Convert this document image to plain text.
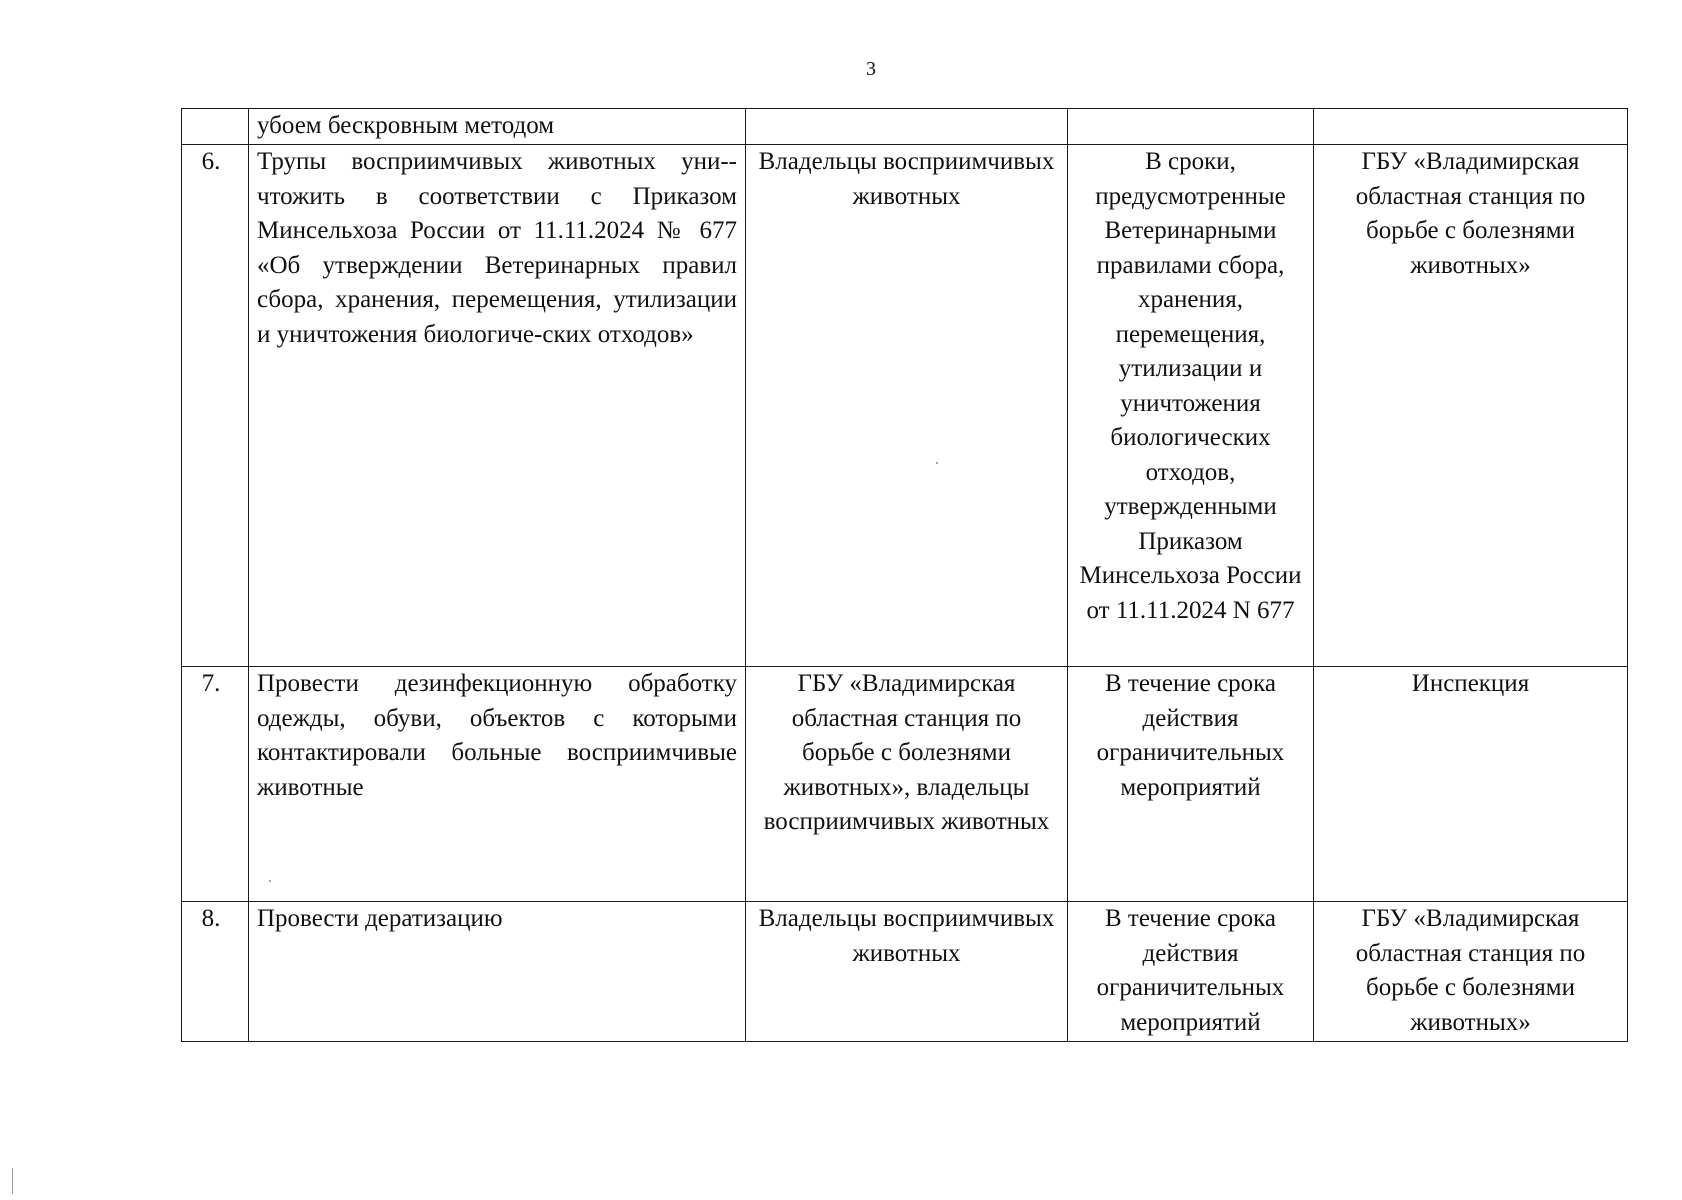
3
	убоем бескровным методом			
6.	Трупы восприимчивых животных уни-чтожить в соответствии с Приказом Минсельхоза России от 11.11.2024 № 677 «Об утверждении Ветеринарных правил сбора, хранения, перемещения, утилизации и уничтожения биологиче-ских отходов»	Владельцы восприимчивых животных	В сроки, предусмотренные Ветеринарными правилами сбора, хранения, перемещения, утилизации и уничтожения биологических отходов, утвержденными Приказом Минсельхоза России от 11.11.2024 N 677	ГБУ «Владимирская областная станция по борьбе с болезнями животных»
7.	Провести дезинфекционную обработку одежды, обуви, объектов с которыми контактировали больные восприимчивые животные	ГБУ «Владимирская областная станция по борьбе с болезнями животных», владельцы восприимчивых животных	В течение срока действия ограничительных мероприятий	Инспекция
8.	Провести дератизацию	Владельцы восприимчивых животных	В течение срока действия ограничительных мероприятий	ГБУ «Владимирская областная станция по борьбе с болезнями животных»
